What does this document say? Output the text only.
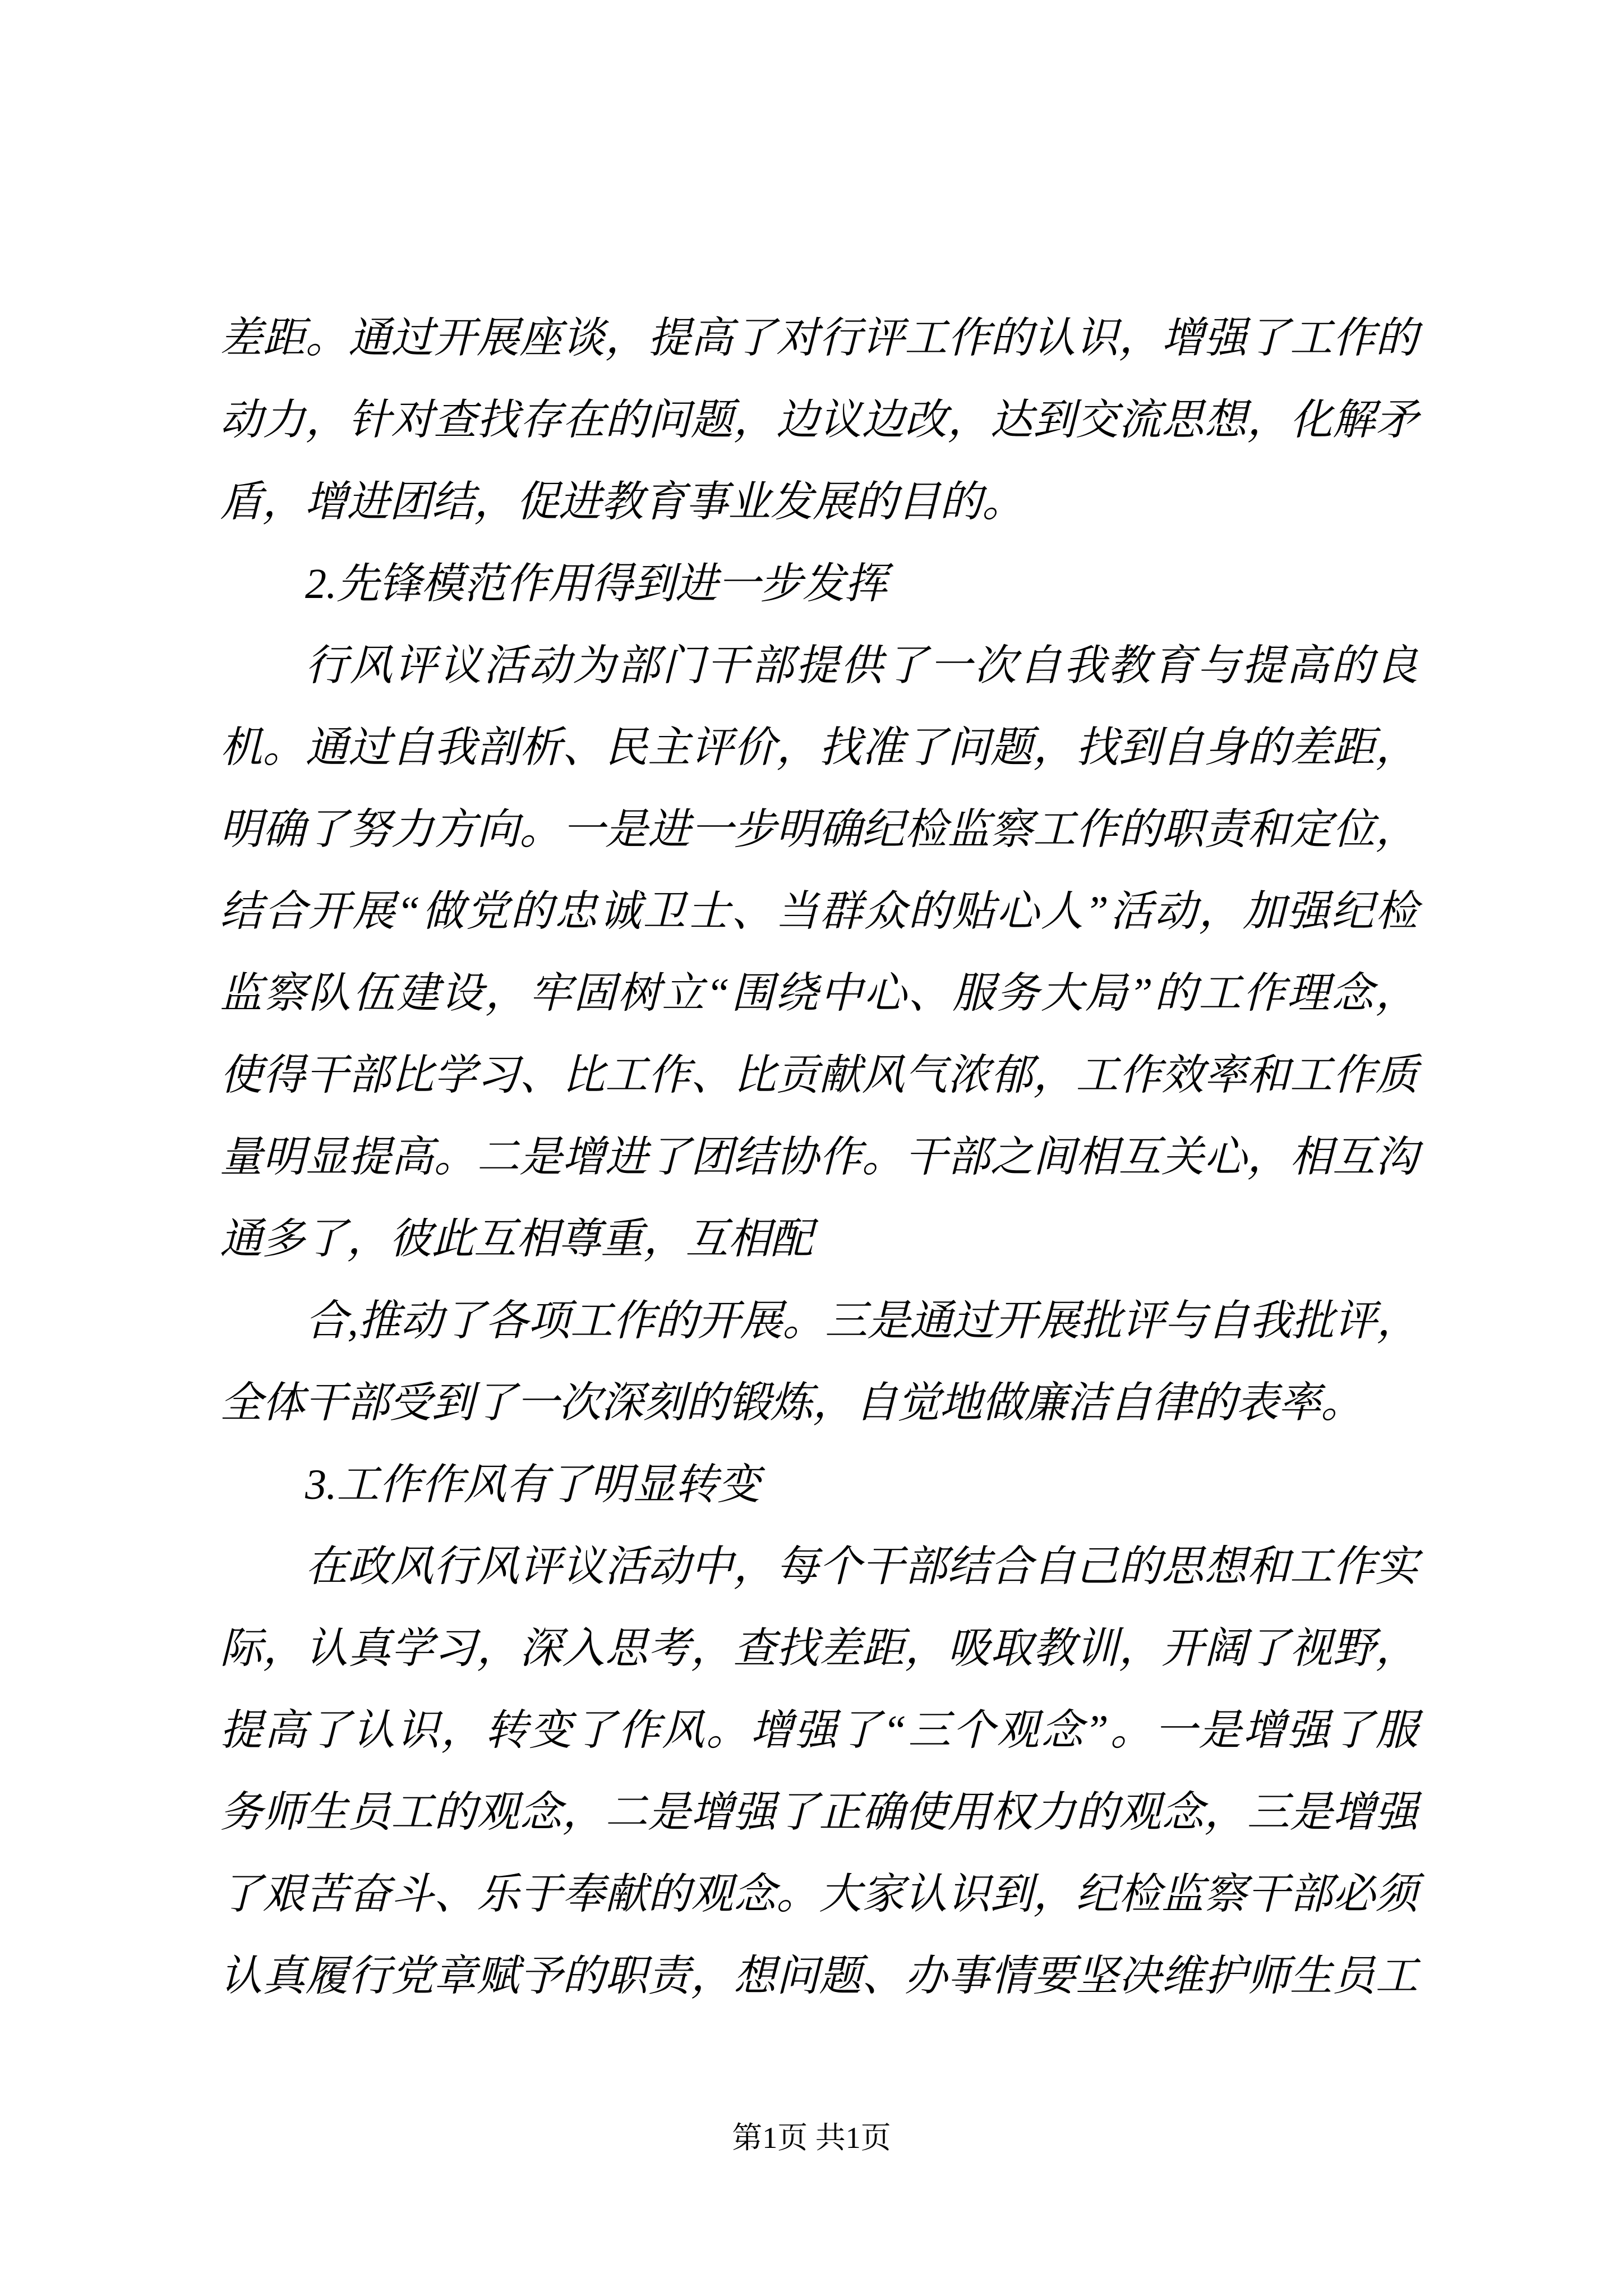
差距。通过开展座谈，提高了对行评工作的认识，增强了工作的
动力，针对查找存在的问题，边议边改，达到交流思想，化解矛
盾，增进团结，促进教育事业发展的目的。
2.先锋模范作用得到进一步发挥
行风评议活动为部门干部提供了一次自我教育与提高的良
机。通过自我剖析、民主评价，找准了问题，找到自身的差距，
明确了努力方向。一是进一步明确纪检监察工作的职责和定位，
结合开展“做党的忠诚卫士、当群众的贴心人”活动，加强纪检
监察队伍建设，牢固树立“围绕中心、服务大局”的工作理念，
使得干部比学习、比工作、比贡献风气浓郁，工作效率和工作质
量明显提高。二是增进了团结协作。干部之间相互关心，相互沟
通多了，彼此互相尊重，互相配
合,推动了各项工作的开展。三是通过开展批评与自我批评，
全体干部受到了一次深刻的锻炼，自觉地做廉洁自律的表率。
3.工作作风有了明显转变
在政风行风评议活动中，每个干部结合自己的思想和工作实
际，认真学习，深入思考，查找差距，吸取教训，开阔了视野，
提高了认识，转变了作风。增强了“三个观念”。一是增强了服
务师生员工的观念，二是增强了正确使用权力的观念，三是增强
了艰苦奋斗、乐于奉献的观念。大家认识到，纪检监察干部必须
认真履行党章赋予的职责，想问题、办事情要坚决维护师生员工
第1页 共1页
